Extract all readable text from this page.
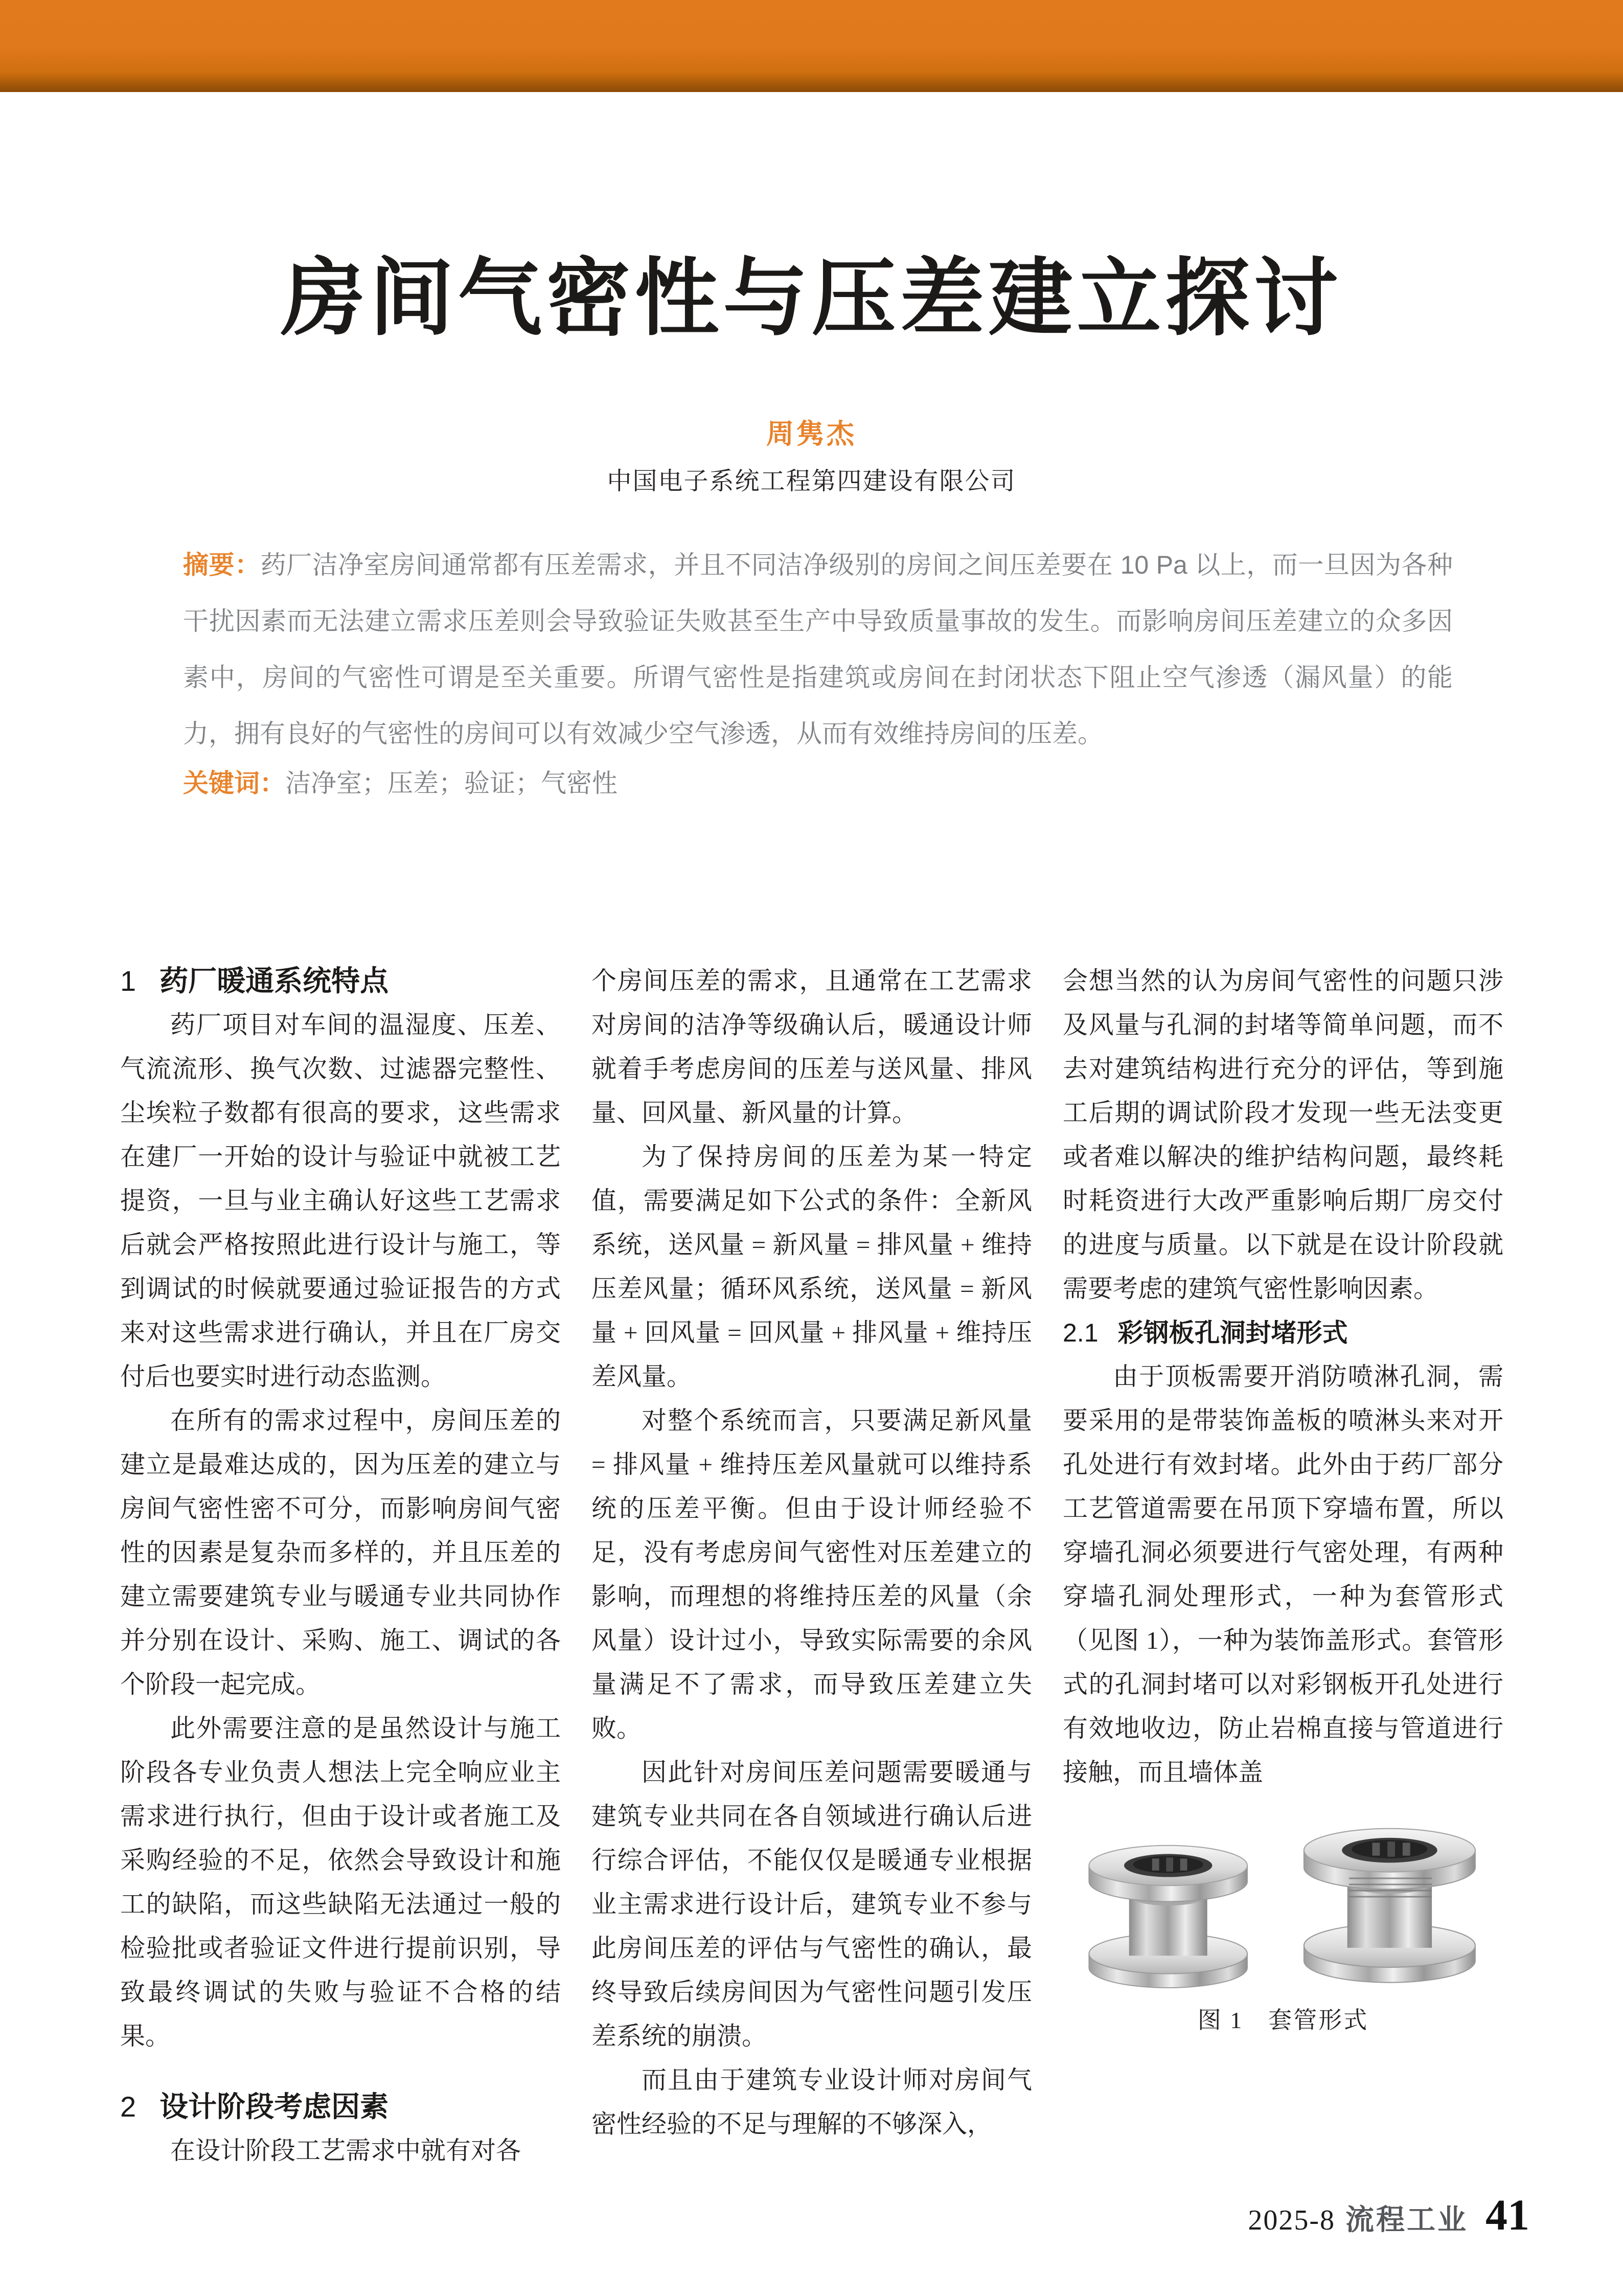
房间气密性与压差建立探讨
周隽杰
中国电子系统工程第四建设有限公司
摘要：药厂洁净室房间通常都有压差需求，并且不同洁净级别的房间之间压差要在 10 Pa 以上，而一旦因为各种干扰因素而无法建立需求压差则会导致验证失败甚至生产中导致质量事故的发生。而影响房间压差建立的众多因素中，房间的气密性可谓是至关重要。所谓气密性是指建筑或房间在封闭状态下阻止空气渗透（漏风量）的能力，拥有良好的气密性的房间可以有效减少空气渗透，从而有效维持房间的压差。
关键词：洁净室；压差；验证；气密性
1 药厂暖通系统特点

药厂项目对车间的温湿度、压差、气流流形、换气次数、过滤器完整性、尘埃粒子数都有很高的要求，这些需求在建厂一开始的设计与验证中就被工艺提资，一旦与业主确认好这些工艺需求后就会严格按照此进行设计与施工，等到调试的时候就要通过验证报告的方式来对这些需求进行确认，并且在厂房交付后也要实时进行动态监测。

在所有的需求过程中，房间压差的建立是最难达成的，因为压差的建立与房间气密性密不可分，而影响房间气密性的因素是复杂而多样的，并且压差的建立需要建筑专业与暖通专业共同协作并分别在设计、采购、施工、调试的各个阶段一起完成。

此外需要注意的是虽然设计与施工阶段各专业负责人想法上完全响应业主需求进行执行，但由于设计或者施工及采购经验的不足，依然会导致设计和施工的缺陷，而这些缺陷无法通过一般的检验批或者验证文件进行提前识别，导致最终调试的失败与验证不合格的结果。

2 设计阶段考虑因素

在设计阶段工艺需求中就有对各

个房间压差的需求，且通常在工艺需求对房间的洁净等级确认后，暖通设计师就着手考虑房间的压差与送风量、排风量、回风量、新风量的计算。

为了保持房间的压差为某一特定值，需要满足如下公式的条件：全新风系统，送风量 = 新风量 = 排风量 + 维持压差风量；循环风系统，送风量 = 新风量 + 回风量 = 回风量 + 排风量 + 维持压差风量。

对整个系统而言，只要满足新风量 = 排风量 + 维持压差风量就可以维持系统的压差平衡。但由于设计师经验不足，没有考虑房间气密性对压差建立的影响，而理想的将维持压差的风量（余风量）设计过小，导致实际需要的余风量满足不了需求，而导致压差建立失败。

因此针对房间压差问题需要暖通与建筑专业共同在各自领域进行确认后进行综合评估，不能仅仅是暖通专业根据业主需求进行设计后，建筑专业不参与此房间压差的评估与气密性的确认，最终导致后续房间因为气密性问题引发压差系统的崩溃。

而且由于建筑专业设计师对房间气密性经验的不足与理解的不够深入，

会想当然的认为房间气密性的问题只涉及风量与孔洞的封堵等简单问题，而不去对建筑结构进行充分的评估，等到施工后期的调试阶段才发现一些无法变更或者难以解决的维护结构问题，最终耗时耗资进行大改严重影响后期厂房交付的进度与质量。以下就是在设计阶段就需要考虑的建筑气密性影响因素。

2.1 彩钢板孔洞封堵形式

由于顶板需要开消防喷淋孔洞，需要采用的是带装饰盖板的喷淋头来对开孔处进行有效封堵。此外由于药厂部分工艺管道需要在吊顶下穿墙布置，所以穿墙孔洞必须要进行气密处理，有两种穿墙孔洞处理形式，一种为套管形式（见图 1），一种为装饰盖形式。套管形式的孔洞封堵可以对彩钢板开孔处进行有效地收边，防止岩棉直接与管道进行接触，而且墙体盖

图 1　套管形式
2025-8 流程工业 41
